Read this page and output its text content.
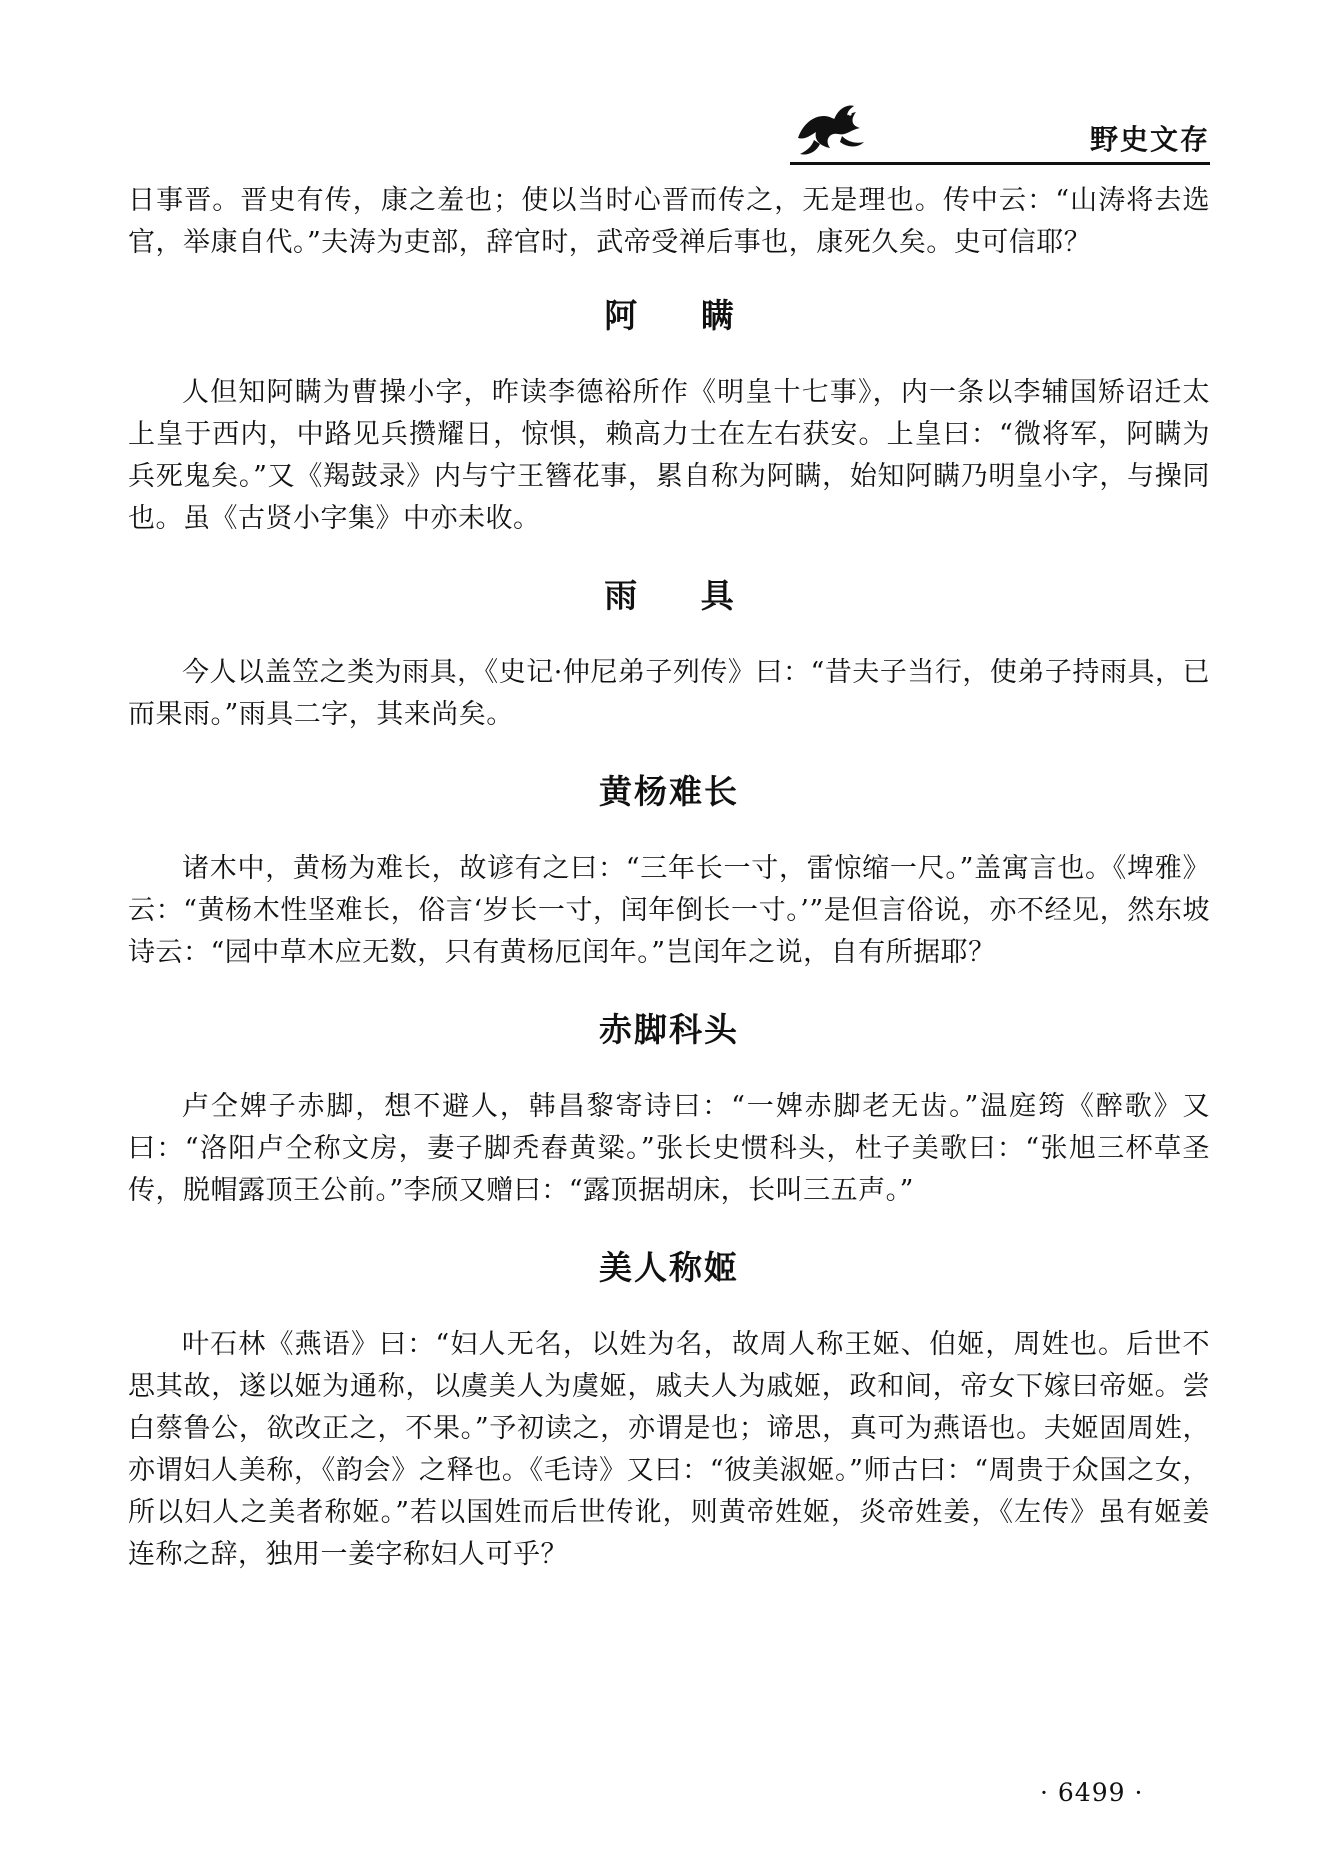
野史文存

日事晋。晋史有传，康之羞也；使以当时心晋而传之，无是理也。传中云：“山涛将去选官，举康自代。”夫涛为吏部，辞官时，武帝受禅后事也，康死久矣。史可信耶？

阿 瞒

人但知阿瞒为曹操小字，昨读李德裕所作《明皇十七事》，内一条以李辅国矫诏迁太上皇于西内，中路见兵攒耀日，惊惧，赖高力士在左右获安。上皇曰：“微将军，阿瞒为兵死鬼矣。”又《羯鼓录》内与宁王簪花事，累自称为阿瞒，始知阿瞒乃明皇小字，与操同也。虽《古贤小字集》中亦未收。

雨 具

今人以盖笠之类为雨具，《史记·仲尼弟子列传》曰：“昔夫子当行，使弟子持雨具，已而果雨。”雨具二字，其来尚矣。

黄杨难长

诸木中，黄杨为难长，故谚有之曰：“三年长一寸，雷惊缩一尺。”盖寓言也。《埤雅》云：“黄杨木性坚难长，俗言‘岁长一寸，闰年倒长一寸。’”是但言俗说，亦不经见，然东坡诗云：“园中草木应无数，只有黄杨厄闰年。”岂闰年之说，自有所据耶？

赤脚科头

卢仝婢子赤脚，想不避人，韩昌黎寄诗曰：“一婢赤脚老无齿。”温庭筠《醉歌》又曰：“洛阳卢仝称文房，妻子脚秃舂黄粱。”张长史惯科头，杜子美歌曰：“张旭三杯草圣传，脱帽露顶王公前。”李颀又赠曰：“露顶据胡床，长叫三五声。”

美人称姬

叶石林《燕语》曰：“妇人无名，以姓为名，故周人称王姬、伯姬，周姓也。后世不思其故，遂以姬为通称，以虞美人为虞姬，戚夫人为戚姬，政和间，帝女下嫁曰帝姬。尝白蔡鲁公，欲改正之，不果。”予初读之，亦谓是也；谛思，真可为燕语也。夫姬固周姓，亦谓妇人美称，《韵会》之释也。《毛诗》又曰：“彼美淑姬。”师古曰：“周贵于众国之女，所以妇人之美者称姬。”若以国姓而后世传讹，则黄帝姓姬，炎帝姓姜，《左传》虽有姬姜连称之辞，独用一姜字称妇人可乎？

· 6499 ·
